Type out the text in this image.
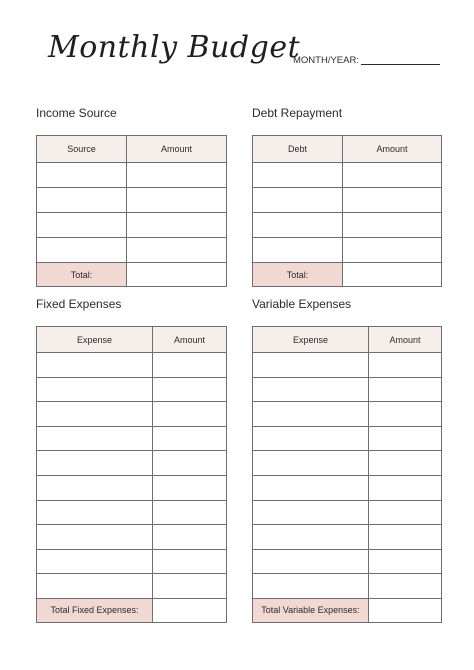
Monthly Budget
MONTH/YEAR:
Income Source
Source	Amount

Total:	
Debt Repayment
Debt	Amount

Total:	
Fixed Expenses
Expense	Amount

Total Fixed Expenses:	
Variable Expenses
Expense	Amount

Total Variable Expenses:	
